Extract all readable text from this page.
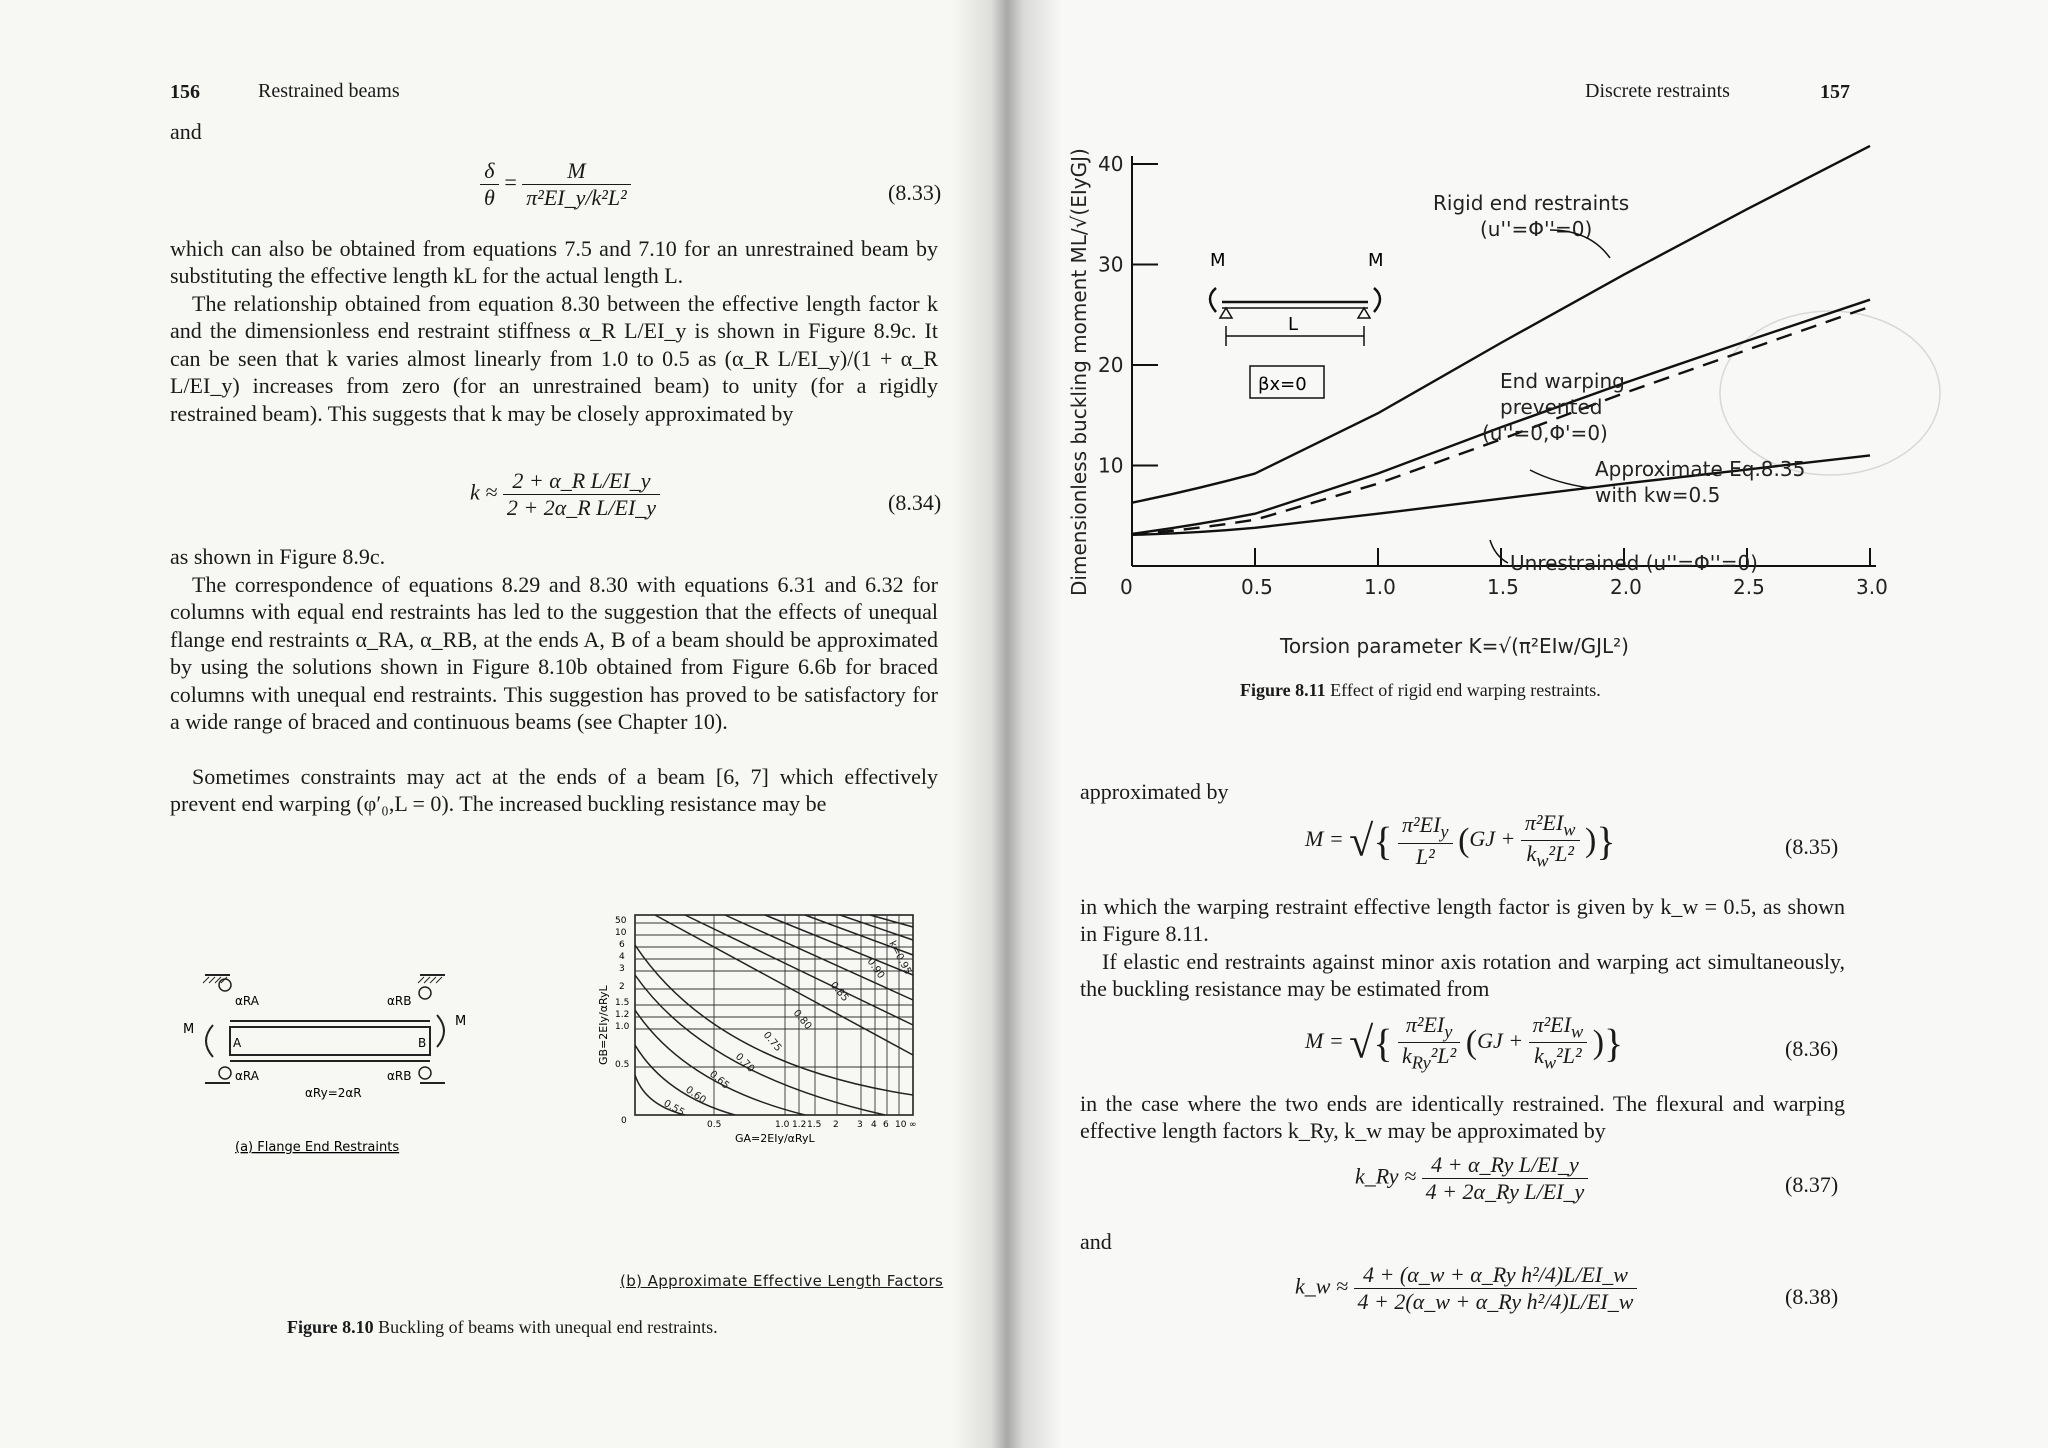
156	Restrained beams
and
$\frac{\delta}{\theta} = \frac{M}{\text{π²EI\_y/k²L²}}$	(8.33)
which can also be obtained from equations 7.5 and 7.10 for an unrestrained beam by substituting the effective length kL for the actual length L.
The relationship obtained from equation 8.30 between the effective length factor k and the dimensionless end restraint stiffness α_R L/EI_y is shown in Figure 8.9c. It can be seen that k varies almost linearly from 1.0 to 0.5 as (α_R L/EI_y)/(1 + α_R L/EI_y) increases from zero (for an unrestrained beam) to unity (for a rigidly restrained beam). This suggests that k may be closely approximated by
$k \approx \frac{\text{2 + α\_R L/EI\_y}}{\text{2 + 2α\_R L/EI\_y}}$	(8.34)
as shown in Figure 8.9c.
The correspondence of equations 8.29 and 8.30 with equations 6.31 and 6.32 for columns with equal end restraints has led to the suggestion that the effects of unequal flange end restraints α_RA, α_RB, at the ends A, B of a beam should be approximated by using the solutions shown in Figure 8.10b obtained from Figure 6.6b for braced columns with unequal end restraints. This suggestion has proved to be satisfactory for a wide range of braced and continuous beams (see Chapter 10).
Sometimes constraints may act at the ends of a beam [6, 7] which effectively prevent end warping (φ′₀,L = 0). The increased buckling resistance may be
M
M
αRA	αRB
αRA	αRB
A	B
αRy=2αR
(a) Flange End Restraints
GB=2EIy/αRyL
GA=2EIy/αRyL
50
10
6
4
3
2
1.5
1.2
1.0
0.5
0	0.5	1.0 1.2 1.5 2 3 4 6 10 ∞
k=0.95
0.90
0.85
0.80
0.75
0.70
0.65
0.60
0.55
(b) Approximate Effective Length Factors
Figure 8.10 Buckling of beams with unequal end restraints.
Discrete restraints	157
0	0.5	1.0	1.5	2.0	2.5	3.0
10
20
30
40
Dimensionless buckling moment ML/√(EIyGJ)
Torsion parameter K=√(π²EIw/GJL²)
M	M
L
βx=0
Rigid end restraints
(u''=Φ''=0)
End warping
prevented
(u''=0,Φ'=0)
Approximate Eq.8.35
with kw=0.5
Unrestrained (u''=Φ''=0)
Figure 8.11 Effect of rigid end warping restraints.
approximated by
M = √{ $\frac{\pi^2EI_y}{\text{L²}} (GJ + \frac{\pi^2EI_w}{k_w^2L^2}$ )}	(8.35)
in which the warping restraint effective length factor is given by k_w = 0.5, as shown in Figure 8.11.
If elastic end restraints against minor axis rotation and warping act simultaneously, the buckling resistance may be estimated from
M = √{ $\frac{\pi^2EI_y}{k_{Ry}^2L^2} (GJ + \frac{\pi^2EI_w}{k_w^2L^2}$ )}	(8.36)
in the case where the two ends are identically restrained. The flexural and warping effective length factors k_Ry, k_w may be approximated by
k_Ry ≈ $\frac{\text{4 + α\_Ry L/EI\_y}}{\text{4 + 2α\_Ry L/EI\_y}}$	(8.37)
and
k_w ≈ $\frac{\text{4 + (α\_w + α\_Ry h²/4)L/EI\_w}}{\text{4 + 2(α\_w + α\_Ry h²/4)L/EI\_w}}$	(8.38)
